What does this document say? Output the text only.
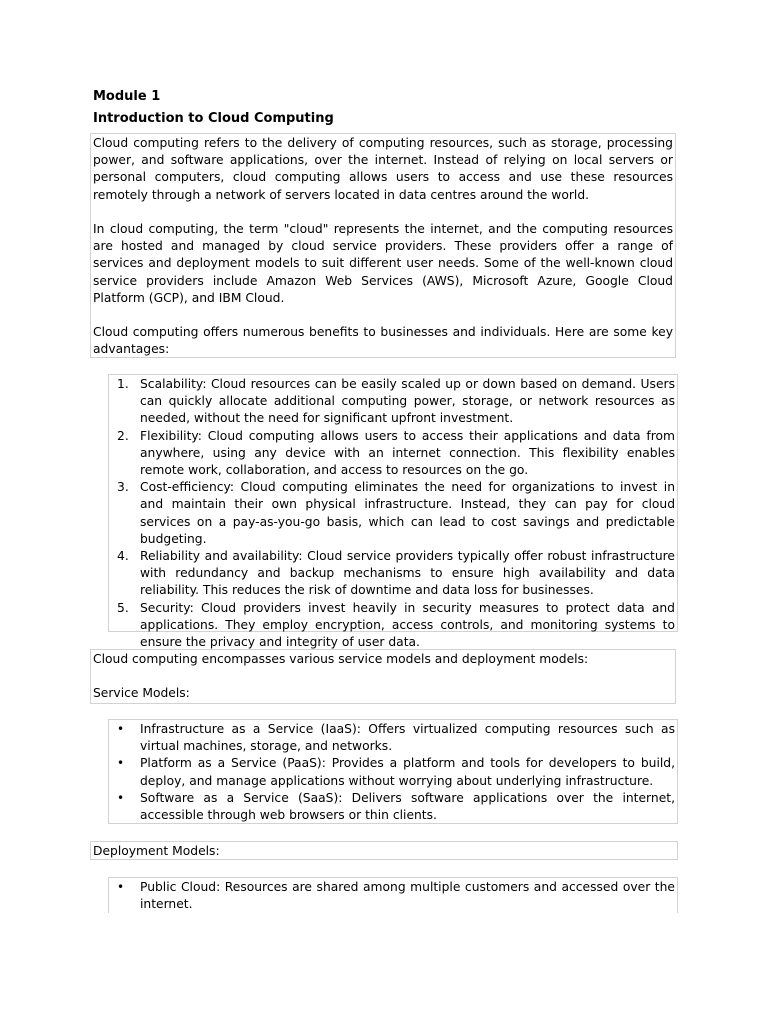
Module 1
Introduction to Cloud Computing

Cloud computing refers to the delivery of computing resources, such as storage, processing power, and software applications, over the internet. Instead of relying on local servers or personal computers, cloud computing allows users to access and use these resources remotely through a network of servers located in data centres around the world.

In cloud computing, the term "cloud" represents the internet, and the computing resources are hosted and managed by cloud service providers. These providers offer a range of services and deployment models to suit different user needs. Some of the well-known cloud service providers include Amazon Web Services (AWS), Microsoft Azure, Google Cloud Platform (GCP), and IBM Cloud.

Cloud computing offers numerous benefits to businesses and individuals. Here are some key advantages:

1. Scalability: Cloud resources can be easily scaled up or down based on demand. Users can quickly allocate additional computing power, storage, or network resources as needed, without the need for significant upfront investment.
2. Flexibility: Cloud computing allows users to access their applications and data from anywhere, using any device with an internet connection. This flexibility enables remote work, collaboration, and access to resources on the go.
3. Cost-efficiency: Cloud computing eliminates the need for organizations to invest in and maintain their own physical infrastructure. Instead, they can pay for cloud services on a pay-as-you-go basis, which can lead to cost savings and predictable budgeting.
4. Reliability and availability: Cloud service providers typically offer robust infrastructure with redundancy and backup mechanisms to ensure high availability and data reliability. This reduces the risk of downtime and data loss for businesses.
5. Security: Cloud providers invest heavily in security measures to protect data and applications. They employ encryption, access controls, and monitoring systems to ensure the privacy and integrity of user data.

Cloud computing encompasses various service models and deployment models:

Service Models:

•	Infrastructure as a Service (IaaS): Offers virtualized computing resources such as virtual machines, storage, and networks.
•	Platform as a Service (PaaS): Provides a platform and tools for developers to build, deploy, and manage applications without worrying about underlying infrastructure.
•	Software as a Service (SaaS): Delivers software applications over the internet, accessible through web browsers or thin clients.
Deployment Models:
•	Public Cloud: Resources are shared among multiple customers and accessed over the internet.
